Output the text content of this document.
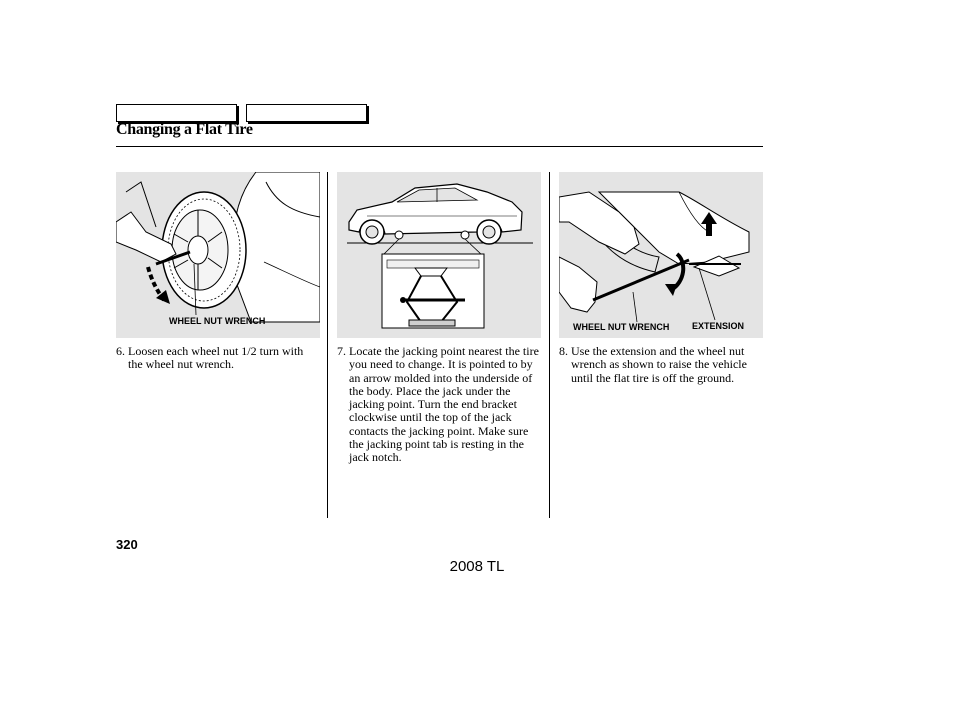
Changing a Flat Tire
WHEEL NUT WRENCH
WHEEL NUT WRENCH	EXTENSION
6. Loosen each wheel nut 1/2 turn with the wheel nut wrench.
7. Locate the jacking point nearest the tire you need to change. It is pointed to by an arrow molded into the underside of the body. Place the jack under the jacking point. Turn the end bracket clockwise until the top of the jack contacts the jacking point. Make sure the jacking point tab is resting in the jack notch.
8. Use the extension and the wheel nut wrench as shown to raise the vehicle until the flat tire is off the ground.
320
2008 TL
